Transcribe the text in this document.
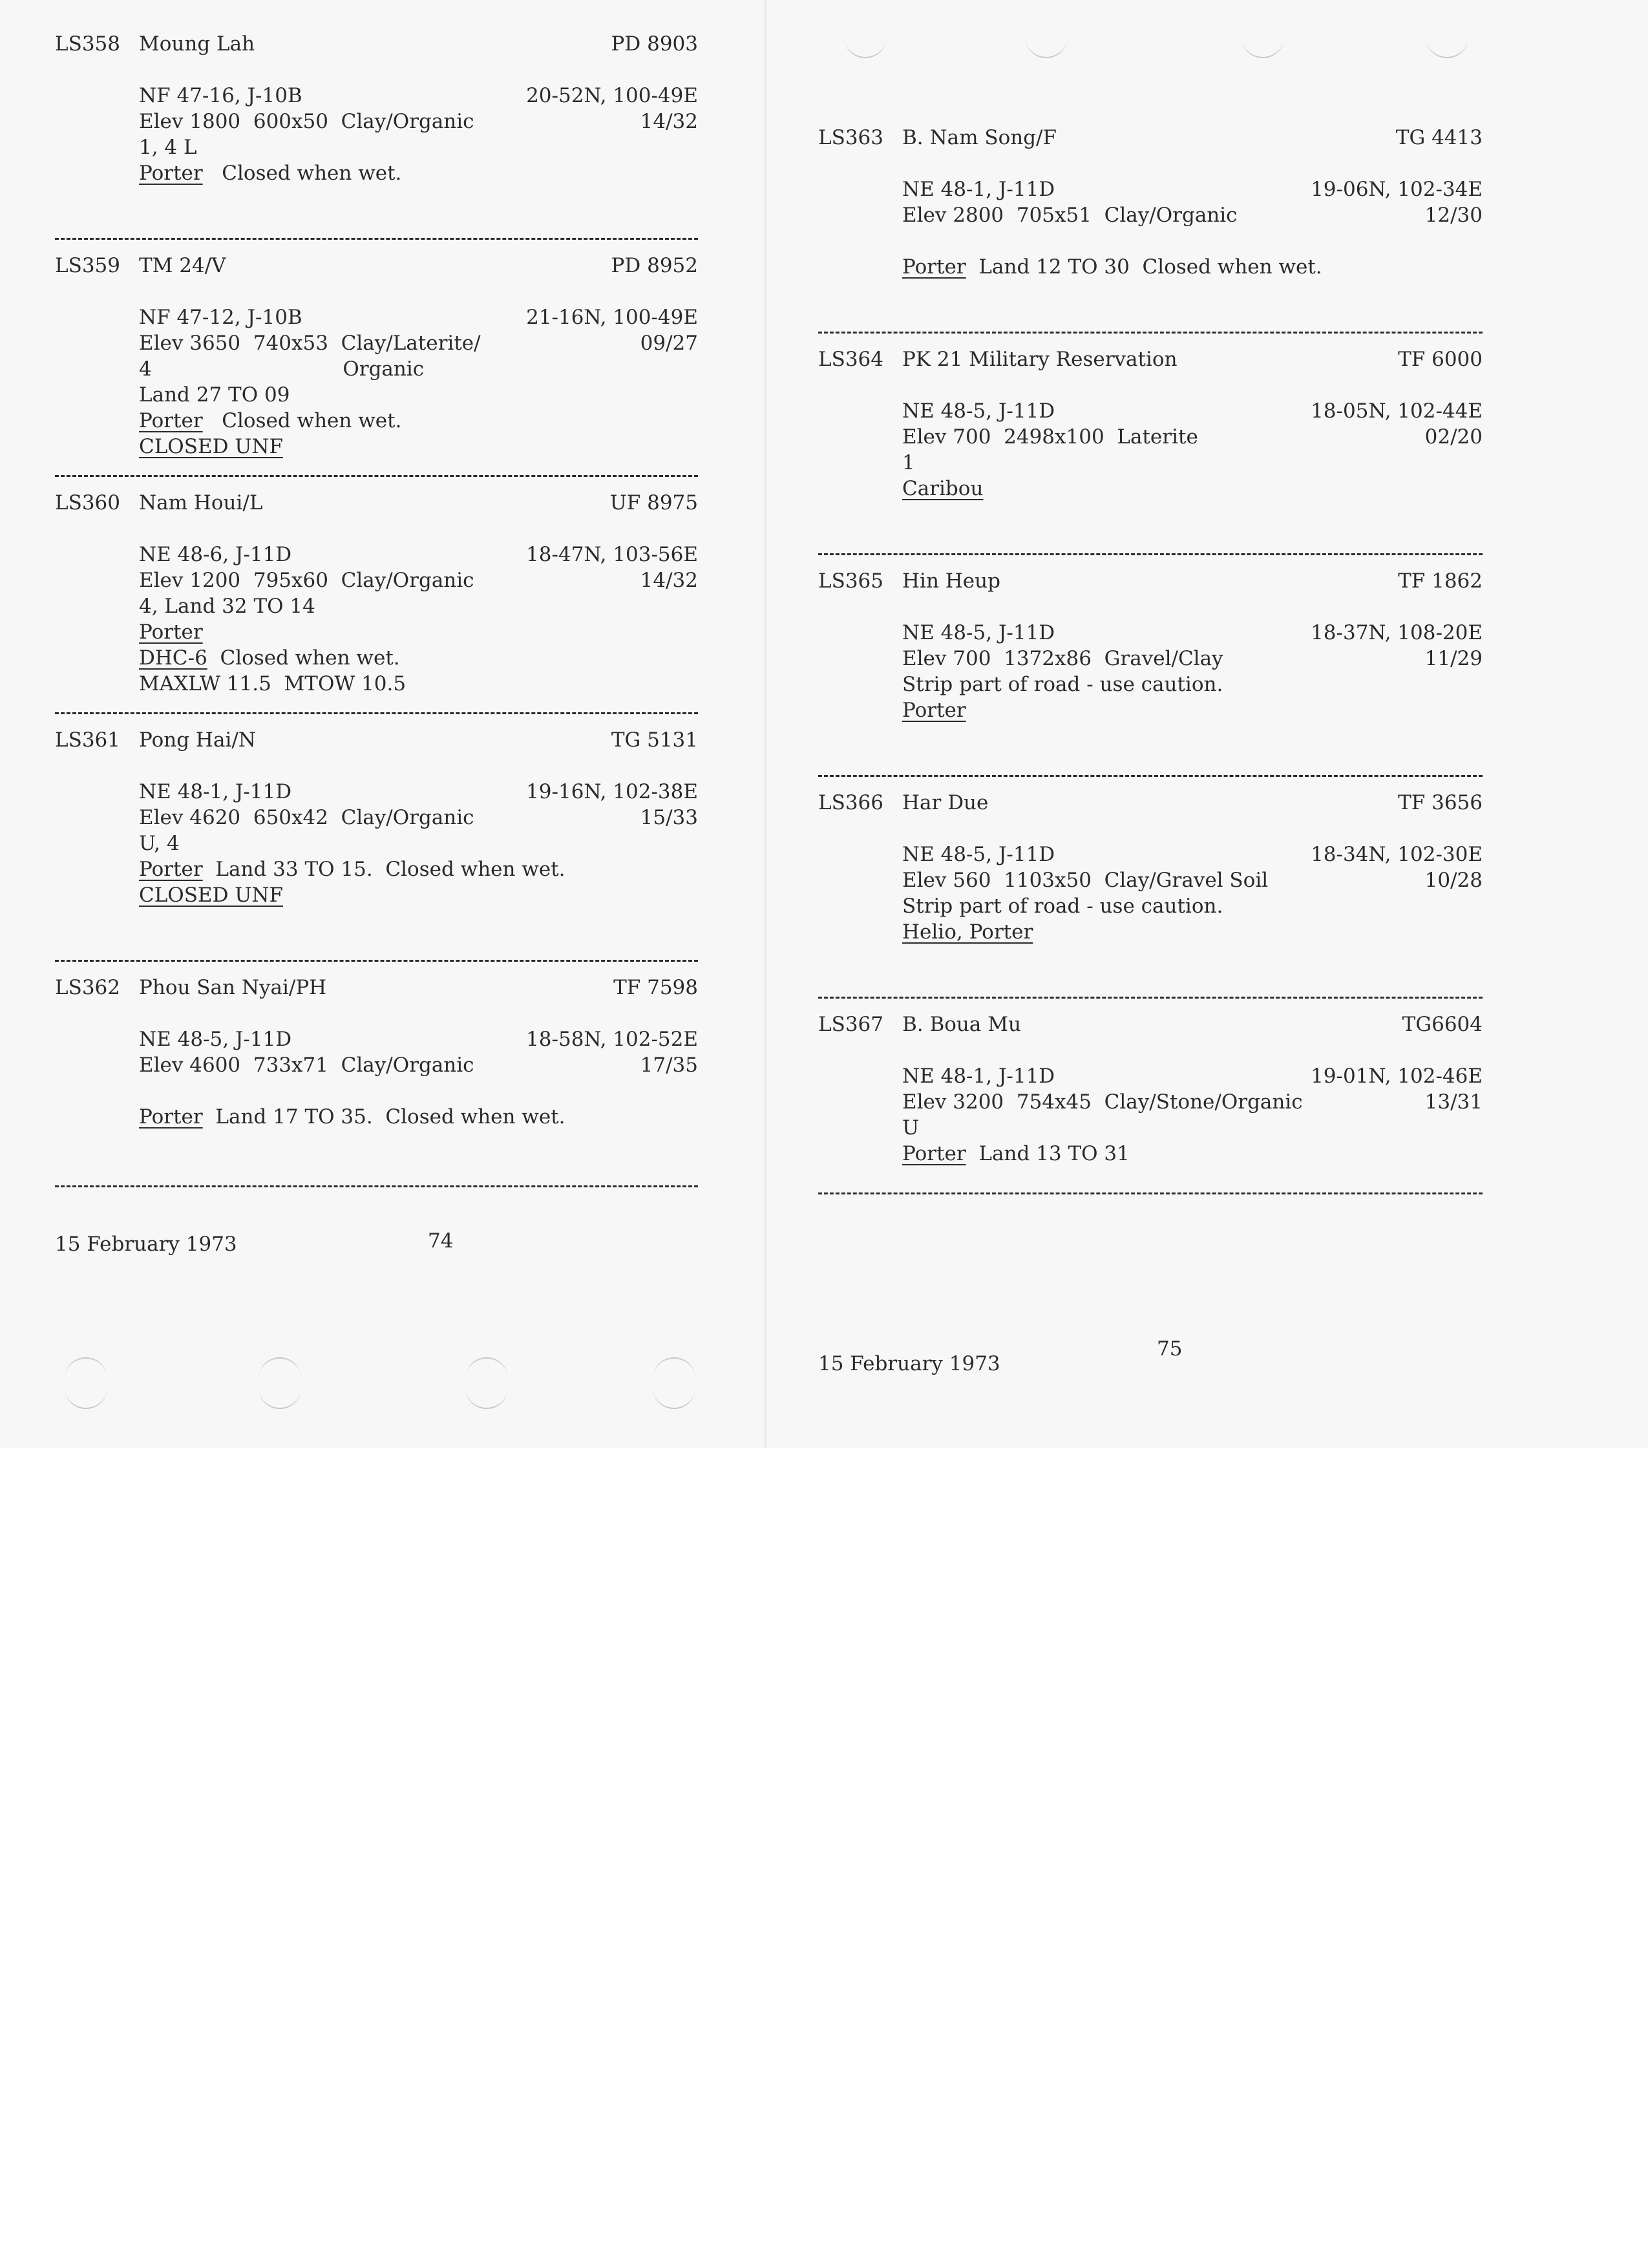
LS358 Moung Lah	PD 8903
NF 47-16, J-10B	20-52N, 100-49E
Elev 1800  600x50  Clay/Organic	14/32
1, 4 L
Porter Closed when wet.
LS359 TM 24/V	PD 8952
NF 47-12, J-10B	21-16N, 100-49E
Elev 3650  740x53  Clay/Laterite/	09/27
4                              Organic
Land 27 TO 09
Porter Closed when wet.
CLOSED UNF
LS360 Nam Houi/L	UF 8975
NE 48-6, J-11D	18-47N, 103-56E
Elev 1200  795x60  Clay/Organic	14/32
4, Land 32 TO 14
Porter
DHC-6 Closed when wet.
MAXLW 11.5  MTOW 10.5
LS361 Pong Hai/N	TG 5131
NE 48-1, J-11D	19-16N, 102-38E
Elev 4620  650x42  Clay/Organic	15/33
U, 4
Porter Land 33 TO 15.  Closed when wet.
CLOSED UNF
LS362 Phou San Nyai/PH	TF 7598
NE 48-5, J-11D	18-58N, 102-52E
Elev 4600  733x71  Clay/Organic	17/35
Porter Land 17 TO 35.  Closed when wet.
15 February 1973	74
LS363 B. Nam Song/F	TG 4413
NE 48-1, J-11D	19-06N, 102-34E
Elev 2800  705x51  Clay/Organic	12/30
Porter Land 12 TO 30  Closed when wet.
LS364 PK 21 Military Reservation	TF 6000
NE 48-5, J-11D	18-05N, 102-44E
Elev 700  2498x100  Laterite	02/20
1
Caribou
LS365 Hin Heup	TF 1862
NE 48-5, J-11D	18-37N, 108-20E
Elev 700  1372x86  Gravel/Clay	11/29
Strip part of road - use caution.
Porter
LS366 Har Due	TF 3656
NE 48-5, J-11D	18-34N, 102-30E
Elev 560  1103x50  Clay/Gravel Soil	10/28
Strip part of road - use caution.
Helio, Porter
LS367 B. Boua Mu	TG6604
NE 48-1, J-11D	19-01N, 102-46E
Elev 3200  754x45  Clay/Stone/Organic	13/31
U
Porter Land 13 TO 31
15 February 1973
75
